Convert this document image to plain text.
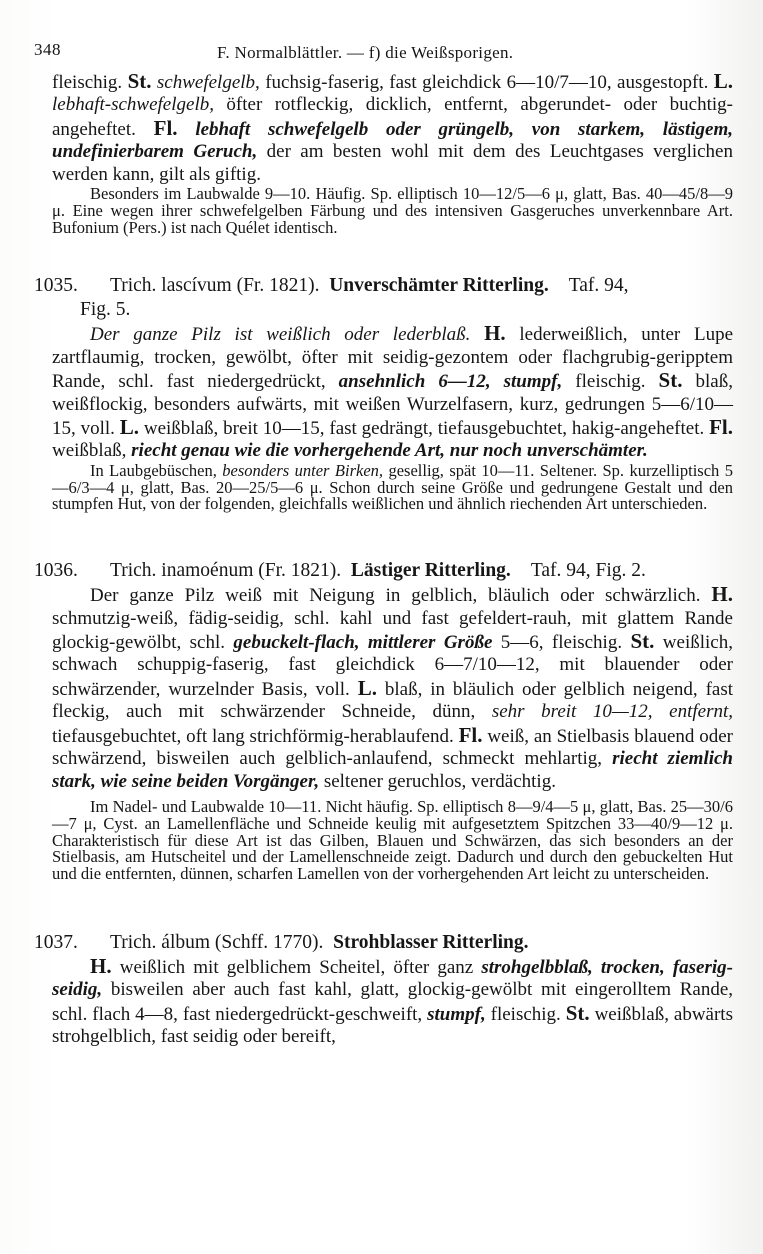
348	F. Normalblättler. — f) die Weißsporigen.

fleischig. St. schwefelgelb, fuchsig-faserig, fast gleichdick 6—10/7—10, ausgestopft. L. lebhaft-schwefelgelb, öfter rotfleckig, dicklich, entfernt, abgerundet- oder buchtig-angeheftet. Fl. lebhaft schwefelgelb oder grüngelb, von starkem, lästigem, undefinierbarem Geruch, der am besten wohl mit dem des Leuchtgases verglichen werden kann, gilt als giftig.

Besonders im Laubwalde 9—10. Häufig. Sp. elliptisch 10—12/5—6 μ, glatt, Bas. 40—45/8—9 μ. Eine wegen ihrer schwefelgelben Färbung und des intensiven Gasgeruches unverkennbare Art. Bufonium (Pers.) ist nach Quélet identisch.

1035. Trich. lascívum (Fr. 1821). Unverschämter Ritterling. Taf. 94,

Fig. 5.

Der ganze Pilz ist weißlich oder lederblaß. H. lederweißlich, unter Lupe zartflaumig, trocken, gewölbt, öfter mit seidig-gezontem oder flachgrubig-geripptem Rande, schl. fast niedergedrückt, ansehnlich 6—12, stumpf, fleischig. St. blaß, weißflockig, besonders aufwärts, mit weißen Wurzelfasern, kurz, gedrungen 5—6/10—15, voll. L. weißblaß, breit 10—15, fast gedrängt, tiefausgebuchtet, hakig-angeheftet. Fl. weißblaß, riecht genau wie die vorhergehende Art, nur noch unverschämter.

In Laubgebüschen, besonders unter Birken, gesellig, spät 10—11. Seltener. Sp. kurzelliptisch 5—6/3—4 μ, glatt, Bas. 20—25/5—6 μ. Schon durch seine Größe und gedrungene Gestalt und den stumpfen Hut, von der folgenden, gleichfalls weißlichen und ähnlich riechenden Art unterschieden.

1036. Trich. inamoénum (Fr. 1821). Lästiger Ritterling. Taf. 94, Fig. 2.

Der ganze Pilz weiß mit Neigung in gelblich, bläulich oder schwärzlich. H. schmutzig-weiß, fädig-seidig, schl. kahl und fast gefeldert-rauh, mit glattem Rande glockig-gewölbt, schl. gebuckelt-flach, mittlerer Größe 5—6, fleischig. St. weißlich, schwach schuppig-faserig, fast gleichdick 6—7/10—12, mit blauender oder schwärzender, wurzelnder Basis, voll. L. blaß, in bläulich oder gelblich neigend, fast fleckig, auch mit schwärzender Schneide, dünn, sehr breit 10—12, entfernt, tiefausgebuchtet, oft lang strichförmig-herablaufend. Fl. weiß, an Stielbasis blauend oder schwärzend, bisweilen auch gelblich-anlaufend, schmeckt mehlartig, riecht ziemlich stark, wie seine beiden Vorgänger, seltener geruchlos, verdächtig.

Im Nadel- und Laubwalde 10—11. Nicht häufig. Sp. elliptisch 8—9/4—5 μ, glatt, Bas. 25—30/6—7 μ, Cyst. an Lamellenfläche und Schneide keulig mit aufgesetztem Spitzchen 33—40/9—12 μ. Charakteristisch für diese Art ist das Gilben, Blauen und Schwärzen, das sich besonders an der Stielbasis, am Hutscheitel und der Lamellenschneide zeigt. Dadurch und durch den gebuckelten Hut und die entfernten, dünnen, scharfen Lamellen von der vorhergehenden Art leicht zu unterscheiden.

1037. Trich. álbum (Schff. 1770). Strohblasser Ritterling.

H. weißlich mit gelblichem Scheitel, öfter ganz strohgelbblaß, trocken, faserig-seidig, bisweilen aber auch fast kahl, glatt, glockig-gewölbt mit eingerolltem Rande, schl. flach 4—8, fast niedergedrückt-geschweift, stumpf, fleischig. St. weißblaß, abwärts strohgelblich, fast seidig oder bereift,
